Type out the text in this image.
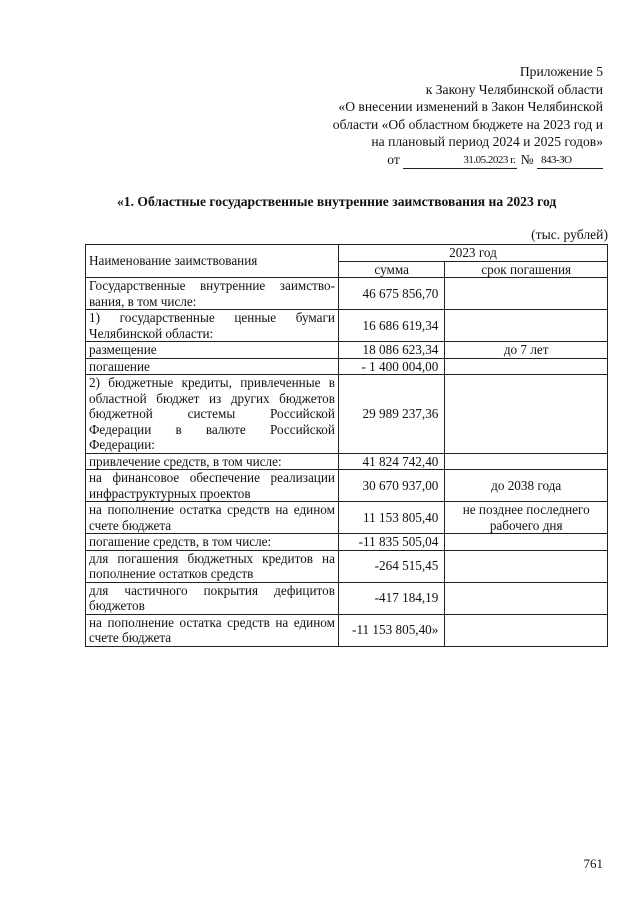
Приложение 5
к Закону Челябинской области
«О внесении изменений в Закон Челябинской
области «Об областном бюджете на 2023 год и
на плановый период 2024 и 2025 годов»
от	31.05.2023 г. № 843-ЗО
«1. Областные государственные внутренние заимствования на 2023 год
(тыс. рублей)
Наименование заимствования	2023 год	
	сумма	срок погашения
Государственные внутренние заимство-вания, в том числе:	46 675 856,70	
1) государственные ценные бумаги Челябинской области:	16 686 619,34	
размещение	18 086 623,34	до 7 лет
погашение	- 1 400 004,00	
2) бюджетные кредиты, привлеченные в областной бюджет из других бюджетов бюджетной системы Российской Федерации в валюте Российской Федерации:	29 989 237,36	
привлечение средств, в том числе:	41 824 742,40	
на финансовое обеспечение реализации инфраструктурных проектов	30 670 937,00	до 2038 года
на пополнение остатка средств на едином счете бюджета	11 153 805,40	не позднее последнего рабочего дня
погашение средств, в том числе:	-11 835 505,04	
для погашения бюджетных кредитов на пополнение остатков средств	-264 515,45	
для частичного покрытия дефицитов бюджетов	-417 184,19	
на пополнение остатка средств на едином счете бюджета	-11 153 805,40»	
761
